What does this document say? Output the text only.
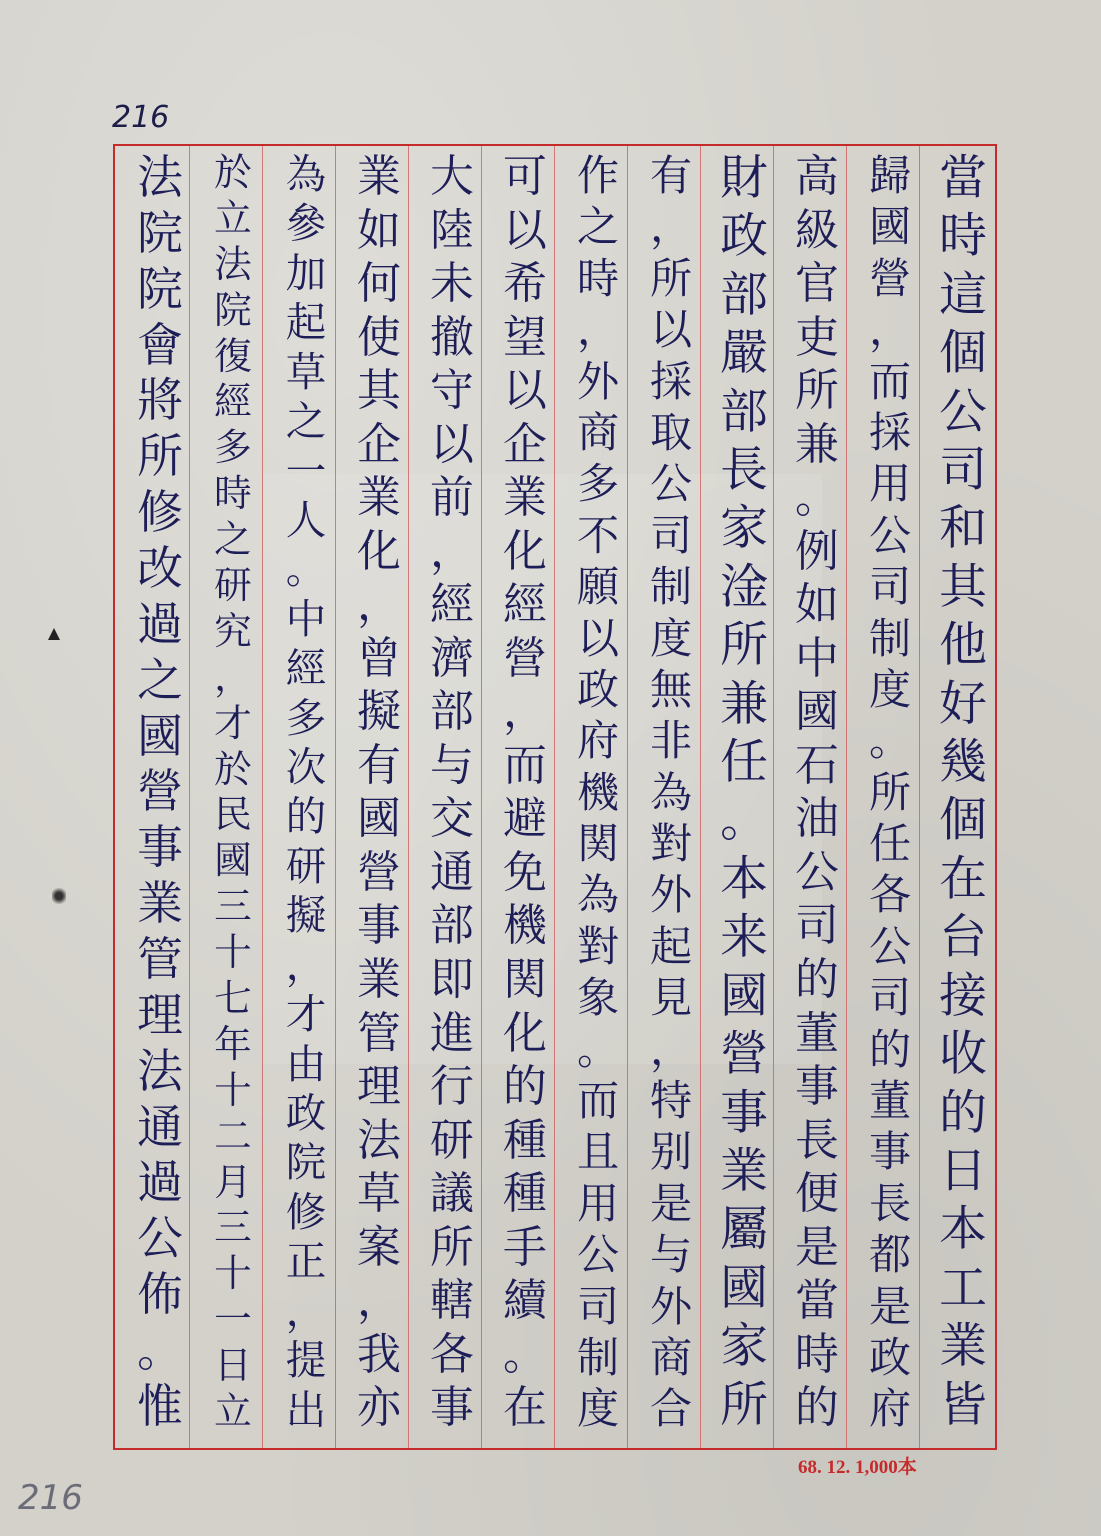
216
當
時
這
個
公
司
和
其
他
好
幾
個
在
台
接
收
的
日
本
工
業
皆
歸
國
營
，
而
採
用
公
司
制
度
。
所
任
各
公
司
的
董
事
長
都
是
政
府
高
級
官
吏
所
兼
。
例
如
中
國
石
油
公
司
的
董
事
長
便
是
當
時
的
財
政
部
嚴
部
長
家
淦
所
兼
任
。
本
来
國
營
事
業
屬
國
家
所
有
，
所
以
採
取
公
司
制
度
無
非
為
對
外
起
見
，
特
别
是
与
外
商
合
作
之
時
，
外
商
多
不
願
以
政
府
機
関
為
對
象
。
而
且
用
公
司
制
度
可
以
希
望
以
企
業
化
經
營
，
而
避
免
機
関
化
的
種
種
手
續
。
在
大
陸
未
撤
守
以
前
，
經
濟
部
与
交
通
部
即
進
行
研
議
所
轄
各
事
業
如
何
使
其
企
業
化
，
曾
擬
有
國
營
事
業
管
理
法
草
案
，
我
亦
為
參
加
起
草
之
一
人
。
中
經
多
次
的
研
擬
，
才
由
政
院
修
正
，
提
出
於
立
法
院
復
經
多
時
之
研
究
，
才
於
民
國
三
十
七
年
十
二
月
三
十
一
日
立
法
院
院
會
將
所
修
改
過
之
國
營
事
業
管
理
法
通
過
公
佈
。
惟
68. 12. 1,000本
216
